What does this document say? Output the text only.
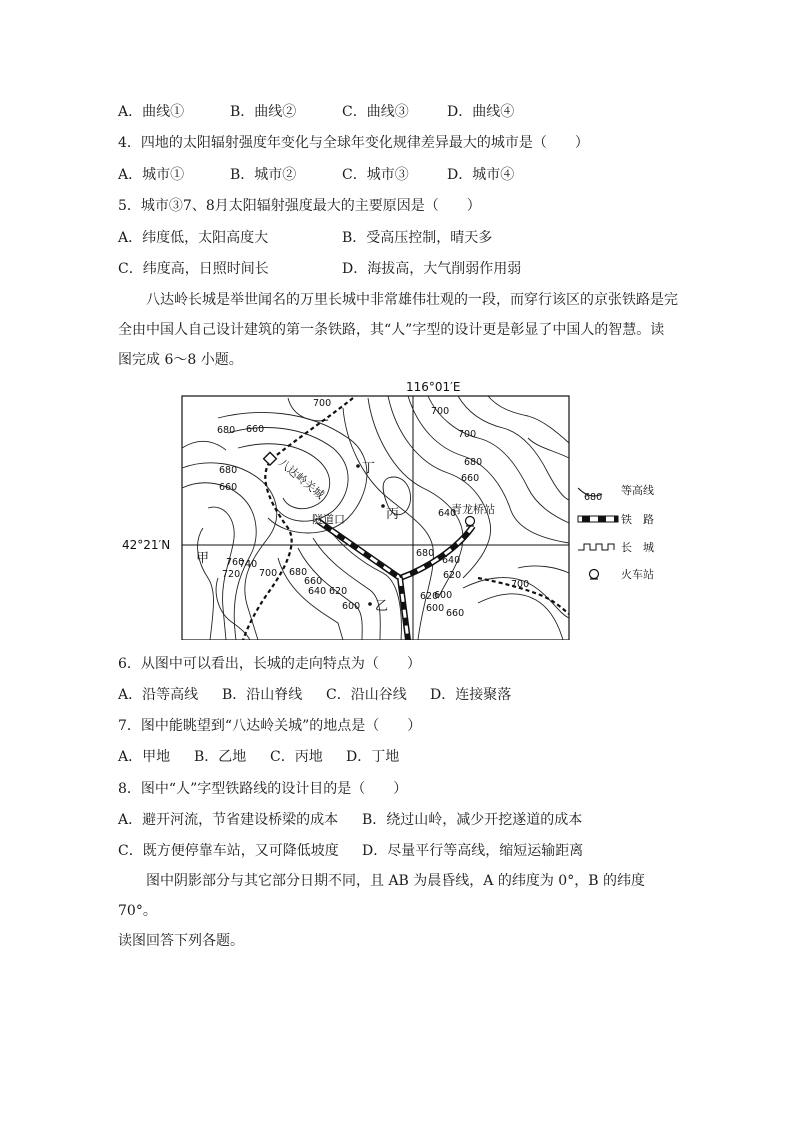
A．曲线①	B．曲线②	C．曲线③	D．曲线④
4．四地的太阳辐射强度年变化与全球年变化规律差异最大的城市是（　　）
A．城市①	B．城市②	C．城市③	D．城市④
5．城市③7、8月太阳辐射强度最大的主要原因是（　　）
A．纬度低，太阳高度大	B．受高压控制，晴天多
C．纬度高，日照时间长	D．海拔高，大气削弱作用弱

八达岭长城是举世闻名的万里长城中非常雄伟壮观的一段，而穿行该区的京张铁路是完

全由中国人自己设计建筑的第一条铁路，其“人”字型的设计更是彰显了中国人的智慧。读

图完成 6～8 小题。

116°01′E
42°21′N
700
680 660
700
700
680
660
680
660
640
760
740
720 700 680
660
640 620
600
620
600
640
620
600 660
700
680
甲
乙
丙
丁
八达岭关城
隧道口
青龙桥站
680
等高线
铁　路
长　城
火车站
6．从图中可以看出，长城的走向特点为（　　）
A．沿等高线 B．沿山脊线 C．沿山谷线 D．连接聚落
7．图中能眺望到“八达岭关城”的地点是（　　）
A．甲地 B．乙地 C．丙地 D．丁地
8．图中“人”字型铁路线的设计目的是（　　）
A．避开河流，节省建设桥梁的成本 B．绕过山岭，减少开挖遂道的成本
C．既方便停靠车站，又可降低坡度 D．尽量平行等高线，缩短运输距离

图中阴影部分与其它部分日期不同，且 AB 为晨昏线，A 的纬度为 0°，B 的纬度 70°。

读图回答下列各题。
